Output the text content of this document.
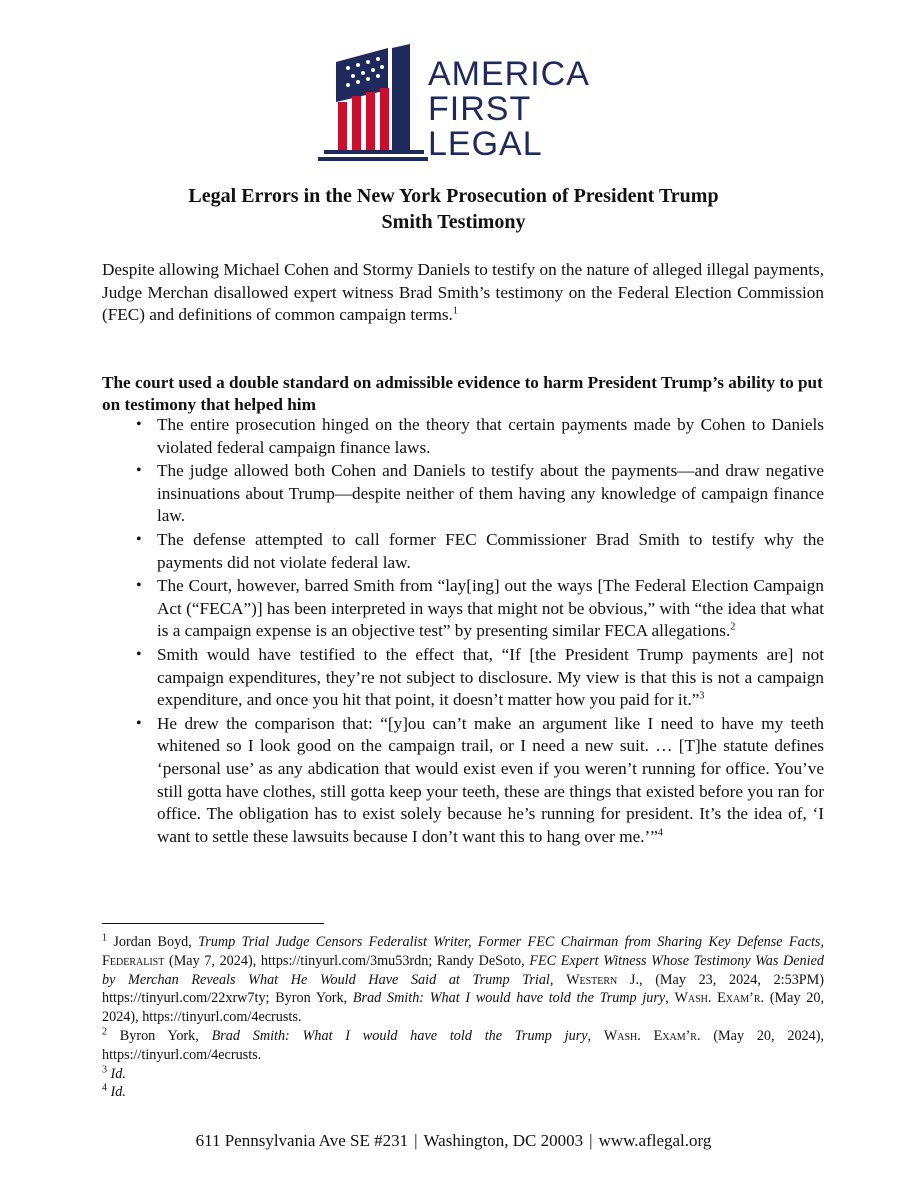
AMERICA
FIRST
LEGAL
Legal Errors in the New York Prosecution of President Trump
Smith Testimony
Despite allowing Michael Cohen and Stormy Daniels to testify on the nature of alleged illegal payments, Judge Merchan disallowed expert witness Brad Smith’s testimony on the Federal Election Commission (FEC) and definitions of common campaign terms.$^1$
The court used a double standard on admissible evidence to harm President Trump’s ability to put on testimony that helped him
• The entire prosecution hinged on the theory that certain payments made by Cohen to Daniels violated federal campaign finance laws.
• The judge allowed both Cohen and Daniels to testify about the payments—and draw negative insinuations about Trump—despite neither of them having any knowledge of campaign finance law.
• The defense attempted to call former FEC Commissioner Brad Smith to testify why the payments did not violate federal law.
• The Court, however, barred Smith from “lay[ing] out the ways [The Federal Election Campaign Act (“FECA”)] has been interpreted in ways that might not be obvious,” with “the idea that what is a campaign expense is an objective test” by presenting similar FECA allegations.$^2$
• Smith would have testified to the effect that, “If [the President Trump payments are] not campaign expenditures, they’re not subject to disclosure. My view is that this is not a campaign expenditure, and once you hit that point, it doesn’t matter how you paid for it.”$^3$
• He drew the comparison that: “[y]ou can’t make an argument like I need to have my teeth whitened so I look good on the campaign trail, or I need a new suit. … [T]he statute defines ‘personal use’ as any abdication that would exist even if you weren’t running for office. You’ve still gotta have clothes, still gotta keep your teeth, these are things that existed before you ran for office. The obligation has to exist solely because he’s running for president. It’s the idea of, ‘I want to settle these lawsuits because I don’t want this to hang over me.’”$^4$

$^1$ Jordan Boyd, Trump Trial Judge Censors Federalist Writer, Former FEC Chairman from Sharing Key Defense Facts, Federalist (May 7, 2024), https://tinyurl.com/3mu53rdn; Randy DeSoto, FEC Expert Witness Whose Testimony Was Denied by Merchan Reveals What He Would Have Said at Trump Trial, Western J., (May 23, 2024, 2:53PM) https://tinyurl.com/22xrw7ty; Byron York, Brad Smith: What I would have told the Trump jury, Wash. Exam’r. (May 20, 2024), https://tinyurl.com/4ecrusts.

$^2$ Byron York, Brad Smith: What I would have told the Trump jury, Wash. Exam’r. (May 20, 2024), https://tinyurl.com/4ecrusts.

$^3$ Id.

$^4$ Id.

611 Pennsylvania Ave SE #231 | Washington, DC 20003 | www.aflegal.org
